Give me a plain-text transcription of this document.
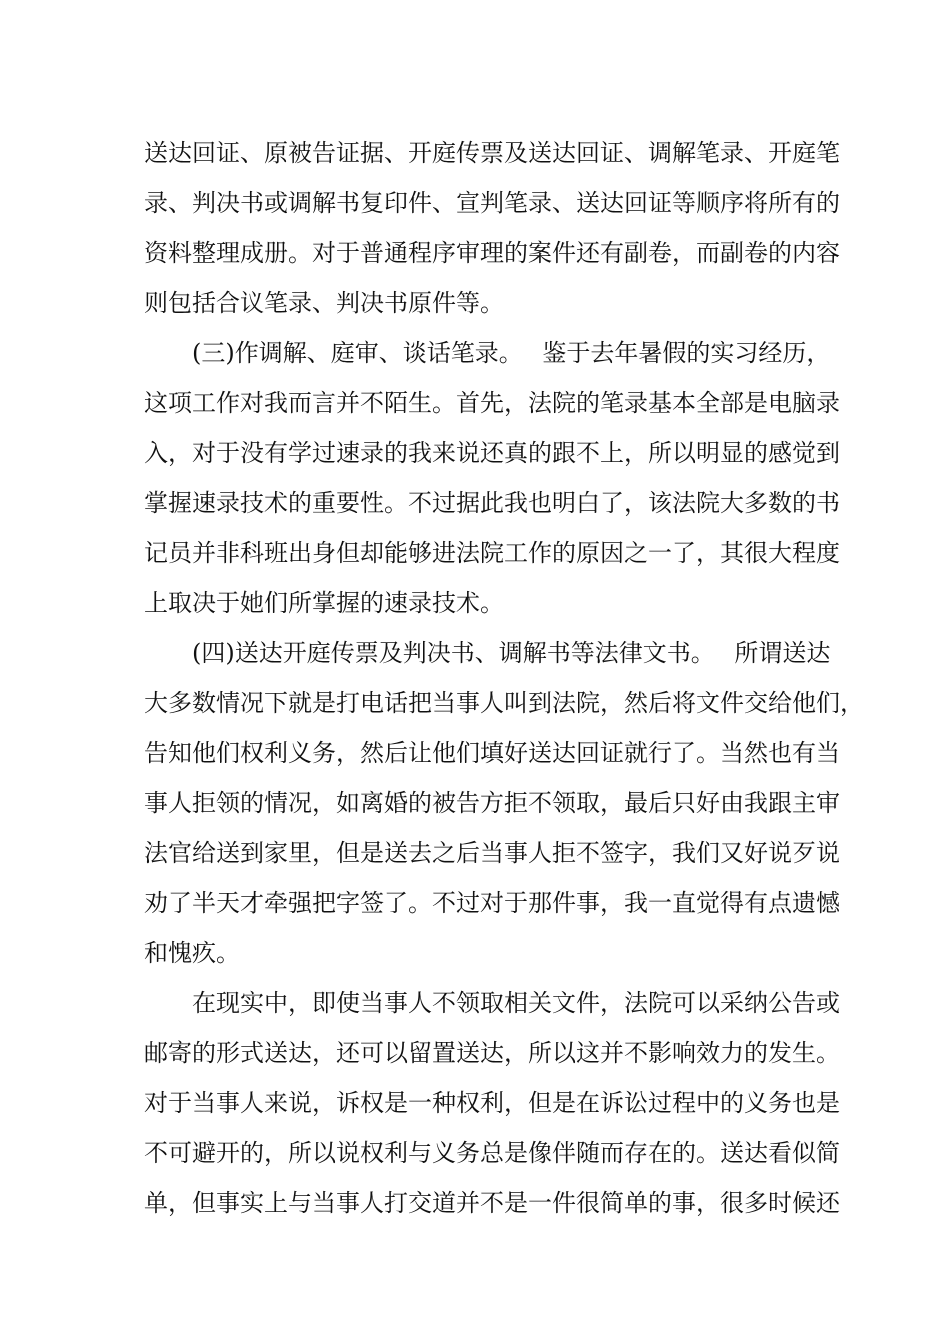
送达回证、原被告证据、开庭传票及送达回证、调解笔录、开庭笔
录、判决书或调解书复印件、宣判笔录、送达回证等顺序将所有的
资料整理成册。对于普通程序审理的案件还有副卷，而副卷的内容
则包括合议笔录、判决书原件等。
　　(三)作调解、庭审、谈话笔录。　 鉴于去年暑假的实习经历，
这项工作对我而言并不陌生。首先，法院的笔录基本全部是电脑录
入，对于没有学过速录的我来说还真的跟不上，所以明显的感觉到
掌握速录技术的重要性。不过据此我也明白了，该法院大多数的书
记员并非科班出身但却能够进法院工作的原因之一了，其很大程度
上取决于她们所掌握的速录技术。
　　(四)送达开庭传票及判决书、调解书等法律文书。　 所谓送达
大多数情况下就是打电话把当事人叫到法院，然后将文件交给他们，
告知他们权利义务，然后让他们填好送达回证就行了。当然也有当
事人拒领的情况，如离婚的被告方拒不领取，最后只好由我跟主审
法官给送到家里，但是送去之后当事人拒不签字，我们又好说歹说
劝了半天才牵强把字签了。不过对于那件事，我一直觉得有点遗憾
和愧疚。
　　在现实中，即使当事人不领取相关文件，法院可以采纳公告或
邮寄的形式送达，还可以留置送达，所以这并不影响效力的发生。
对于当事人来说，诉权是一种权利，但是在诉讼过程中的义务也是
不可避开的，所以说权利与义务总是像伴随而存在的。送达看似简
单，但事实上与当事人打交道并不是一件很简单的事，很多时候还
